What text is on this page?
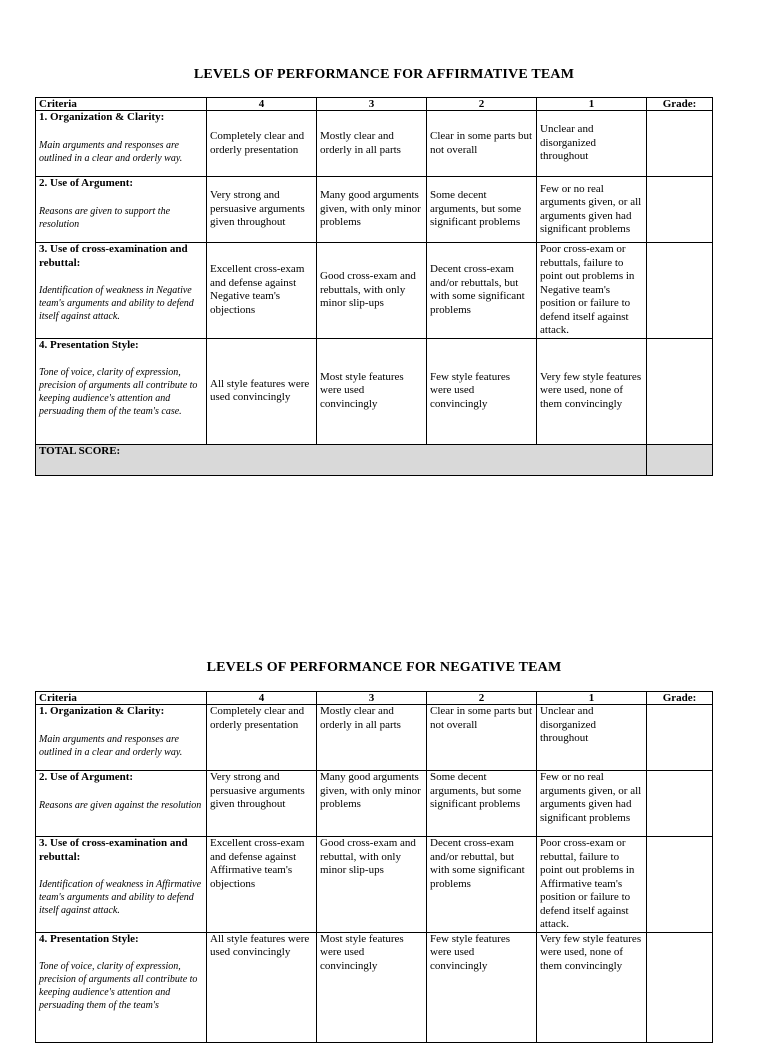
LEVELS OF PERFORMANCE FOR AFFIRMATIVE TEAM
Criteria	4	3	2	1	Grade:

1. Organization & Clarity:
Main arguments and responses are outlined in a clear and orderly way.	Completely clear and orderly presentation	Mostly clear and orderly in all parts	Clear in some parts but not overall	Unclear and disorganized throughout	

2. Use of Argument:
Reasons are given to support the resolution	Very strong and persuasive arguments given throughout	Many good arguments given, with only minor problems	Some decent arguments, but some significant problems	Few or no real arguments given, or all arguments given had significant problems	

3. Use of cross-examination and rebuttal:
Identification of weakness in Negative team's arguments and ability to defend itself against attack.	Excellent cross-exam and defense against Negative team's objections	Good cross-exam and rebuttals, with only minor slip-ups	Decent cross-exam and/or rebuttals, but with some significant problems	Poor cross-exam or rebuttals, failure to point out problems in Negative team's position or failure to defend itself against attack.	

4. Presentation Style:
Tone of voice, clarity of expression, precision of arguments all contribute to keeping audience's attention and persuading them of the team's case.	All style features were used convincingly	Most style features were used convincingly	Few style features were used convincingly	Very few style features were used, none of them convincingly	
TOTAL SCORE:					
LEVELS OF PERFORMANCE FOR NEGATIVE TEAM
Criteria	4	3	2	1	Grade:

1. Organization & Clarity:
Main arguments and responses are outlined in a clear and orderly way.	Completely clear and orderly presentation	Mostly clear and orderly in all parts	Clear in some parts but not overall	Unclear and disorganized throughout	

2. Use of Argument:
Reasons are given against the resolution	Very strong and persuasive arguments given throughout	Many good arguments given, with only minor problems	Some decent arguments, but some significant problems	Few or no real arguments given, or all arguments given had significant problems	

3. Use of cross-examination and rebuttal:
Identification of weakness in Affirmative team's arguments and ability to defend itself against attack.	Excellent cross-exam and defense against Affirmative team's objections	Good cross-exam and rebuttal, with only minor slip-ups	Decent cross-exam and/or rebuttal, but with some significant problems	Poor cross-exam or rebuttal, failure to point out problems in Affirmative team's position or failure to defend itself against attack.	

4. Presentation Style:
Tone of voice, clarity of expression, precision of arguments all contribute to keeping audience's attention and persuading them of the team's	All style features were used convincingly	Most style features were used convincingly	Few style features were used convincingly	Very few style features were used, none of them convincingly	
